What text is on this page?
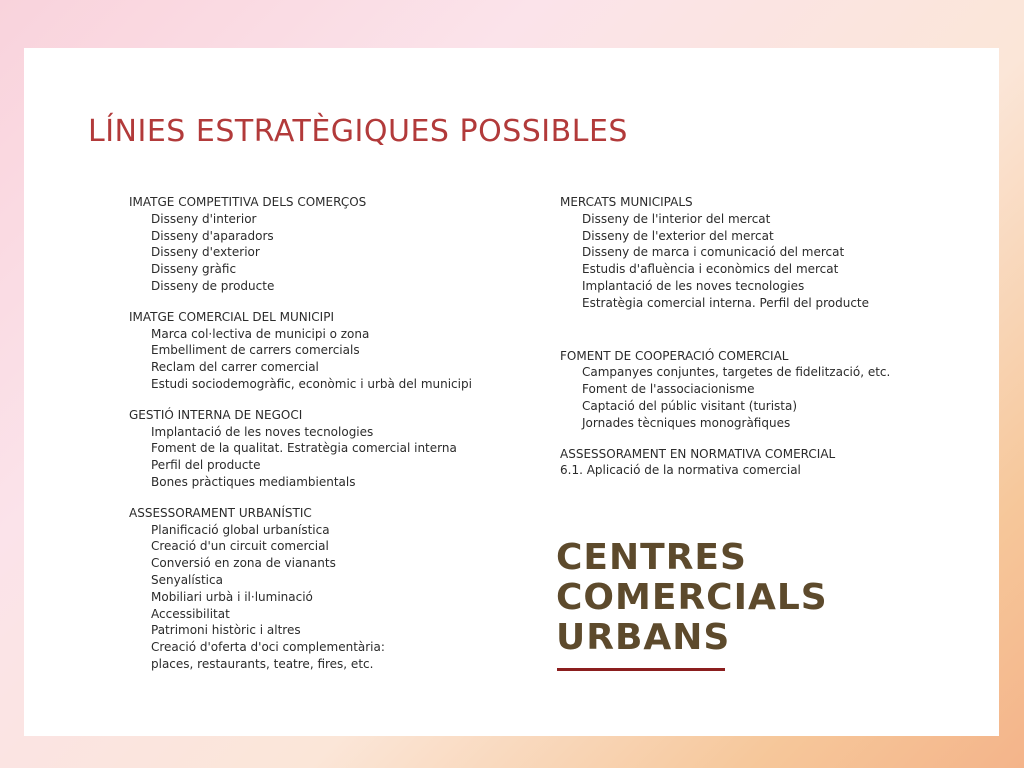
LÍNIES ESTRATÈGIQUES POSSIBLES
IMATGE COMPETITIVA DELS COMERÇOS
Disseny d'interior
Disseny d'aparadors
Disseny d'exterior
Disseny gràfic
Disseny de producte
IMATGE COMERCIAL DEL MUNICIPI
Marca col·lectiva de municipi o zona
Embelliment de carrers comercials
Reclam del carrer comercial
Estudi sociodemogràfic, econòmic i urbà del municipi
GESTIÓ INTERNA DE NEGOCI
Implantació de les noves tecnologies
Foment de la qualitat. Estratègia comercial interna
Perfil del producte
Bones pràctiques mediambientals
ASSESSORAMENT URBANÍSTIC
Planificació global urbanística
Creació d'un circuit comercial
Conversió en zona de vianants
Senyalística
Mobiliari urbà i il·luminació
Accessibilitat
Patrimoni històric i altres
Creació d'oferta d'oci complementària:
places, restaurants, teatre, fires, etc.
MERCATS MUNICIPALS
Disseny de l'interior del mercat
Disseny de l'exterior del mercat
Disseny de marca i comunicació del mercat
Estudis d'afluència i econòmics del mercat
Implantació de les noves tecnologies
Estratègia comercial interna. Perfil del producte
FOMENT DE COOPERACIÓ COMERCIAL
Campanyes conjuntes, targetes de fidelització, etc.
Foment de l'associacionisme
Captació del públic visitant (turista)
Jornades tècniques monogràfiques
ASSESSORAMENT EN NORMATIVA COMERCIAL
6.1. Aplicació de la normativa comercial
CENTRES
COMERCIALS
URBANS
